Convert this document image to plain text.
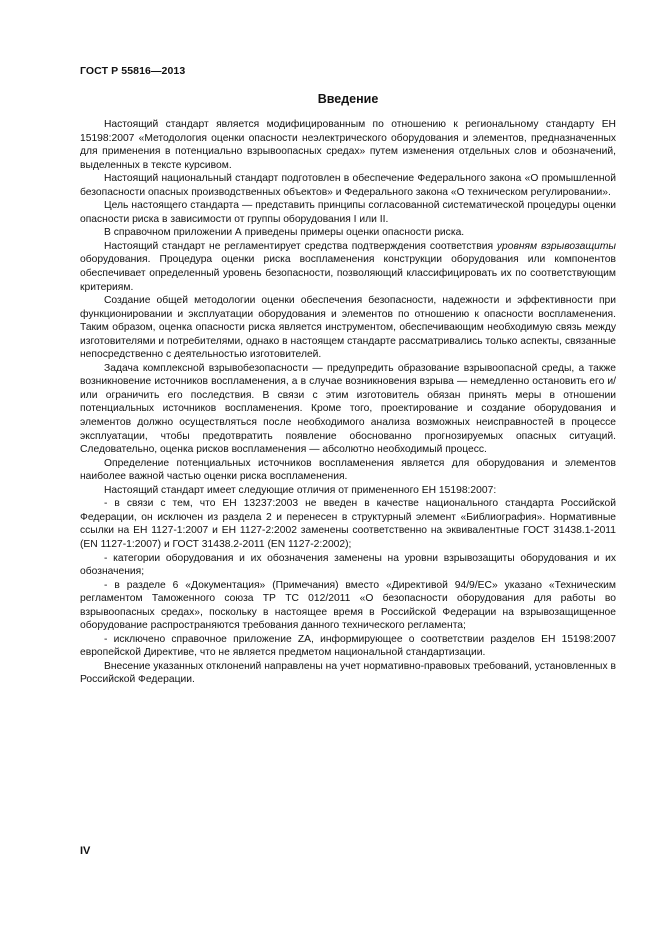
ГОСТ Р 55816—2013
Введение

Настоящий стандарт является модифицированным по отношению к региональному стандарту ЕН 15198:2007 «Методология оценки опасности неэлектрического оборудования и элементов, предназначенных для применения в потенциально взрывоопасных средах» путем изменения отдельных слов и обозначений, выделенных в тексте курсивом.

Настоящий национальный стандарт подготовлен в обеспечение Федерального закона «О промышленной безопасности опасных производственных объектов» и Федерального закона «О техническом регулировании».

Цель настоящего стандарта — представить принципы согласованной систематической процедуры оценки опасности риска в зависимости от группы оборудования I или II.

В справочном приложении А приведены примеры оценки опасности риска.

Настоящий стандарт не регламентирует средства подтверждения соответствия уровням взрывозащиты оборудования. Процедура оценки риска воспламенения конструкции оборудования или компонентов обеспечивает определенный уровень безопасности, позволяющий классифицировать их по соответствующим критериям.

Создание общей методологии оценки обеспечения безопасности, надежности и эффективности при функционировании и эксплуатации оборудования и элементов по отношению к опасности воспламенения. Таким образом, оценка опасности риска является инструментом, обеспечивающим необходимую связь между изготовителями и потребителями, однако в настоящем стандарте рассматривались только аспекты, связанные непосредственно с деятельностью изготовителей.

Задача комплексной взрывобезопасности — предупредить образование взрывоопасной среды, а также возникновение источников воспламенения, а в случае возникновения взрыва — немедленно остановить его и/или ограничить его последствия. В связи с этим изготовитель обязан принять меры в отношении потенциальных источников воспламенения. Кроме того, проектирование и создание оборудования и элементов должно осуществляться после необходимого анализа возможных неисправностей в процессе эксплуатации, чтобы предотвратить появление обоснованно прогнозируемых опасных ситуаций. Следовательно, оценка рисков воспламенения — абсолютно необходимый процесс.

Определение потенциальных источников воспламенения является для оборудования и элементов наиболее важной частью оценки риска воспламенения.

Настоящий стандарт имеет следующие отличия от примененного ЕН 15198:2007:

- в связи с тем, что ЕН 13237:2003 не введен в качестве национального стандарта Российской Федерации, он исключен из раздела 2 и перенесен в структурный элемент «Библиография». Нормативные ссылки на ЕН 1127-1:2007 и ЕН 1127-2:2002 заменены соответственно на эквивалентные ГОСТ 31438.1-2011 (EN 1127-1:2007) и ГОСТ 31438.2-2011 (EN 1127-2:2002);

- категории оборудования и их обозначения заменены на уровни взрывозащиты оборудования и их обозначения;

- в разделе 6 «Документация» (Примечания) вместо «Директивой 94/9/ЕС» указано «Техническим регламентом Таможенного союза ТР ТС 012/2011 «О безопасности оборудования для работы во взрывоопасных средах», поскольку в настоящее время в Российской Федерации на взрывозащищенное оборудование распространяются требования данного технического регламента;

- исключено справочное приложение ZA, информирующее о соответствии разделов ЕН 15198:2007 европейской Директиве, что не является предметом национальной стандартизации.

Внесение указанных отклонений направлены на учет нормативно-правовых требований, установленных в Российской Федерации.

IV
